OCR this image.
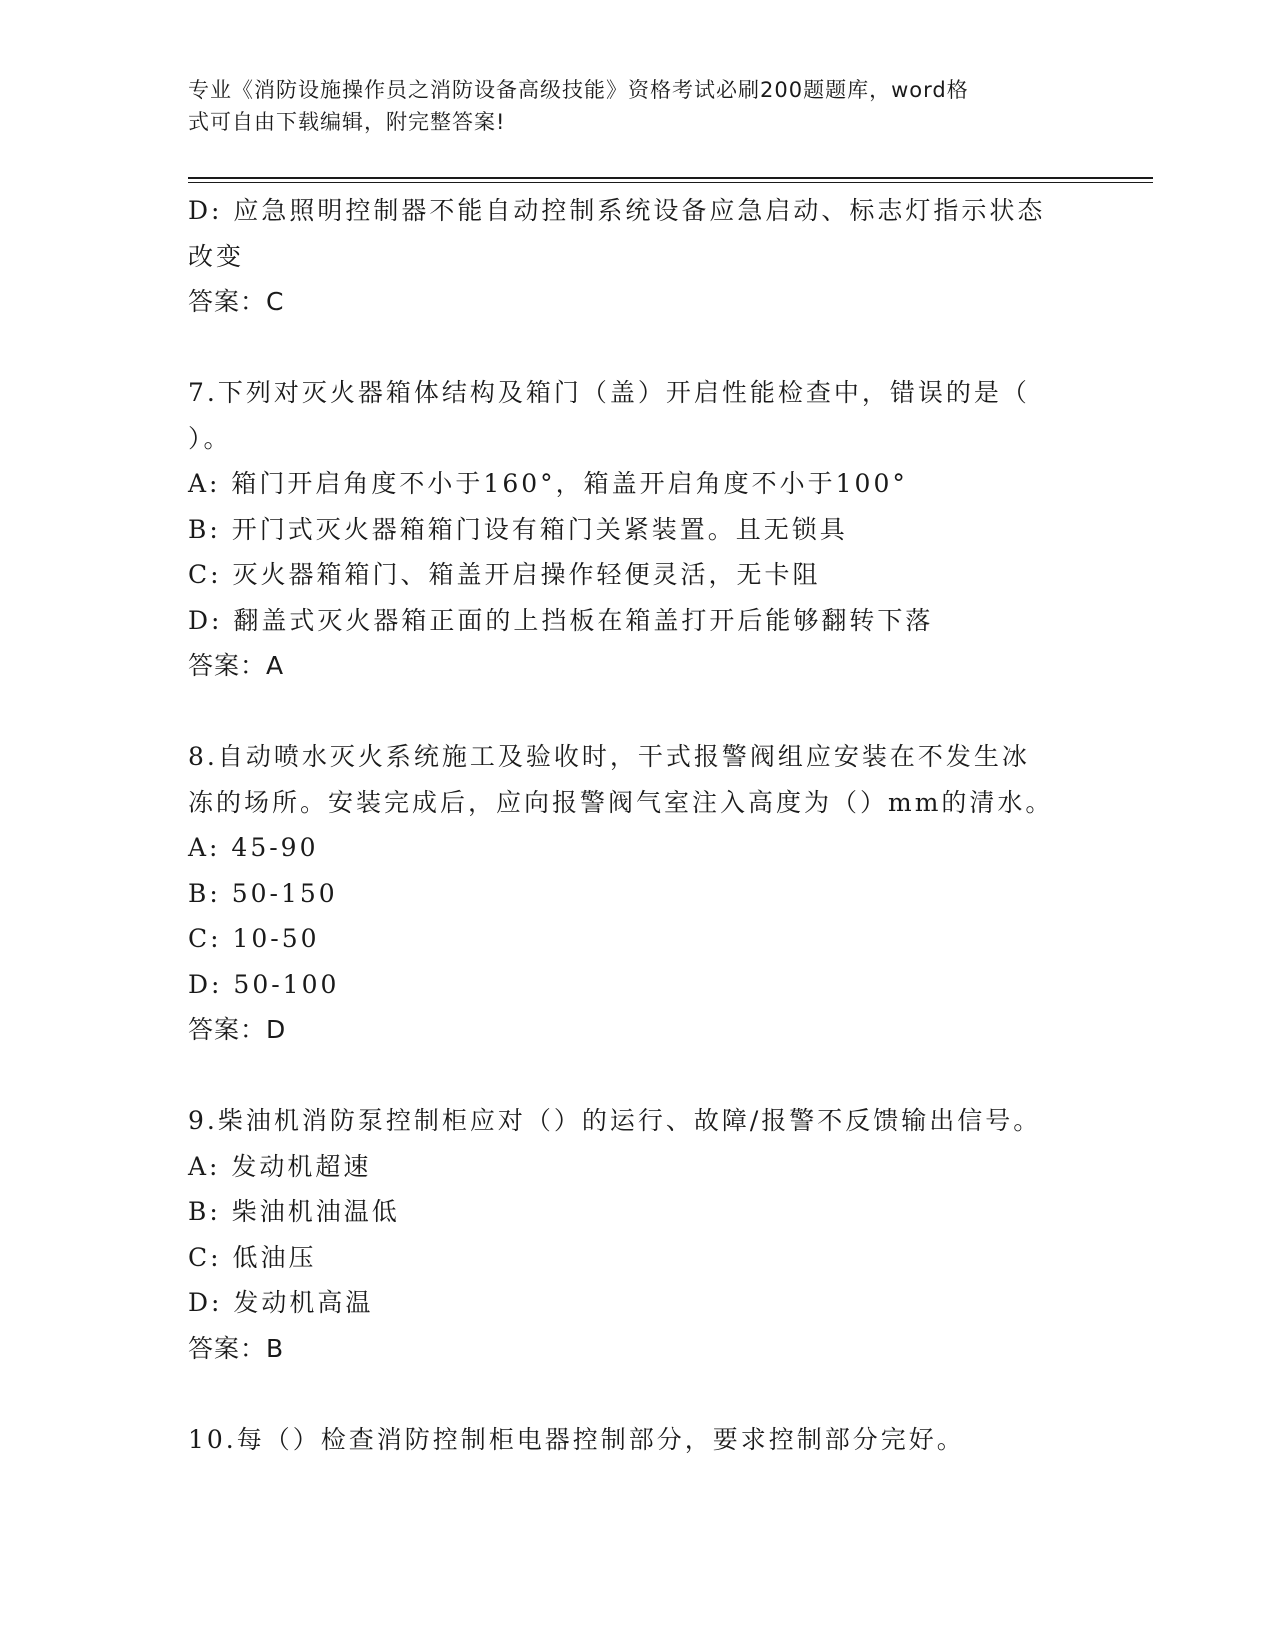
专业《消防设施操作员之消防设备高级技能》资格考试必刷200题题库，word格
式可自由下载编辑，附完整答案!
D: 应急照明控制器不能自动控制系统设备应急启动、标志灯指示状态
改变
答案：C
7.下列对灭火器箱体结构及箱门（盖）开启性能检查中，错误的是（
）。
A: 箱门开启角度不小于160°，箱盖开启角度不小于100°
B: 开门式灭火器箱箱门设有箱门关紧装置。且无锁具
C: 灭火器箱箱门、箱盖开启操作轻便灵活，无卡阻
D: 翻盖式灭火器箱正面的上挡板在箱盖打开后能够翻转下落
答案：A
8.自动喷水灭火系统施工及验收时，干式报警阀组应安装在不发生冰
冻的场所。安装完成后，应向报警阀气室注入高度为（）mm的清水。
A: 45-90
B: 50-150
C: 10-50
D: 50-100
答案：D
9.柴油机消防泵控制柜应对（）的运行、故障/报警不反馈输出信号。
A: 发动机超速
B: 柴油机油温低
C: 低油压
D: 发动机高温
答案：B
10.每（）检查消防控制柜电器控制部分，要求控制部分完好。
